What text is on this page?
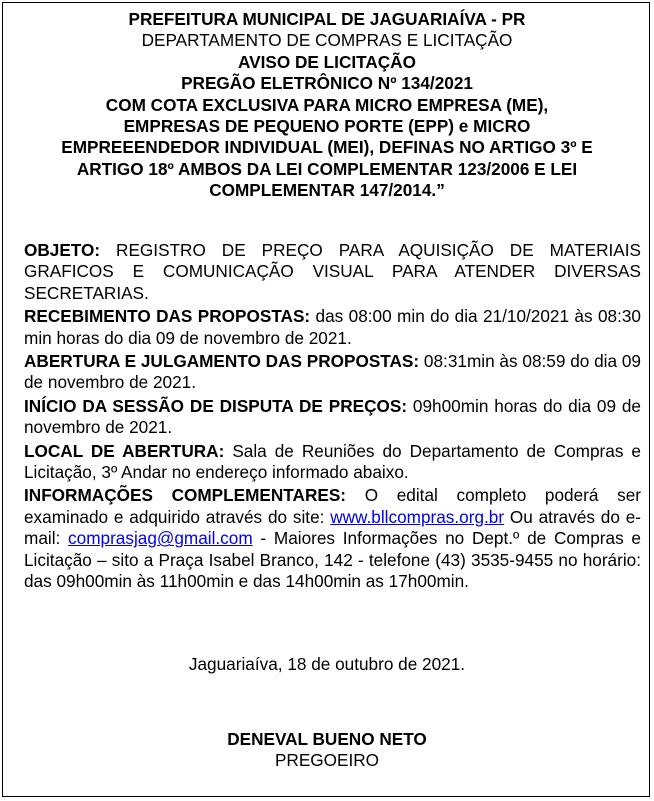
PREFEITURA MUNICIPAL DE JAGUARIAÍVA - PR
DEPARTAMENTO DE COMPRAS E LICITAÇÃO
AVISO DE LICITAÇÃO
PREGÃO ELETRÔNICO Nº 134/2021
COM COTA EXCLUSIVA PARA MICRO EMPRESA (ME),
EMPRESAS DE PEQUENO PORTE (EPP) e MICRO
EMPREEENDEDOR INDIVIDUAL (MEI), DEFINAS NO ARTIGO 3º E
ARTIGO 18º AMBOS DA LEI COMPLEMENTAR 123/2006 E LEI
COMPLEMENTAR 147/2014.”

OBJETO: REGISTRO DE PREÇO PARA AQUISIÇÃO DE MATERIAIS GRAFICOS E COMUNICAÇÃO VISUAL PARA ATENDER DIVERSAS SECRETARIAS.

RECEBIMENTO DAS PROPOSTAS: das 08:00 min do dia 21/10/2021 às 08:30 min horas do dia 09 de novembro de 2021.

ABERTURA E JULGAMENTO DAS PROPOSTAS: 08:31min às 08:59 do dia 09 de novembro de 2021.

INÍCIO DA SESSÃO DE DISPUTA DE PREÇOS: 09h00min horas do dia 09 de novembro de 2021.

LOCAL DE ABERTURA: Sala de Reuniões do Departamento de Compras e Licitação, 3º Andar no endereço informado abaixo.

INFORMAÇÕES COMPLEMENTARES: O edital completo poderá ser examinado e adquirido através do site: www.bllcompras.org.br Ou através do e-mail: comprasjag@gmail.com - Maiores Informações no Dept.º de Compras e Licitação – sito a Praça Isabel Branco, 142 - telefone (43) 3535-9455 no horário: das 09h00min às 11h00min e das 14h00min as 17h00min.

Jaguariaíva, 18 de outubro de 2021.
DENEVAL BUENO NETO
PREGOEIRO
